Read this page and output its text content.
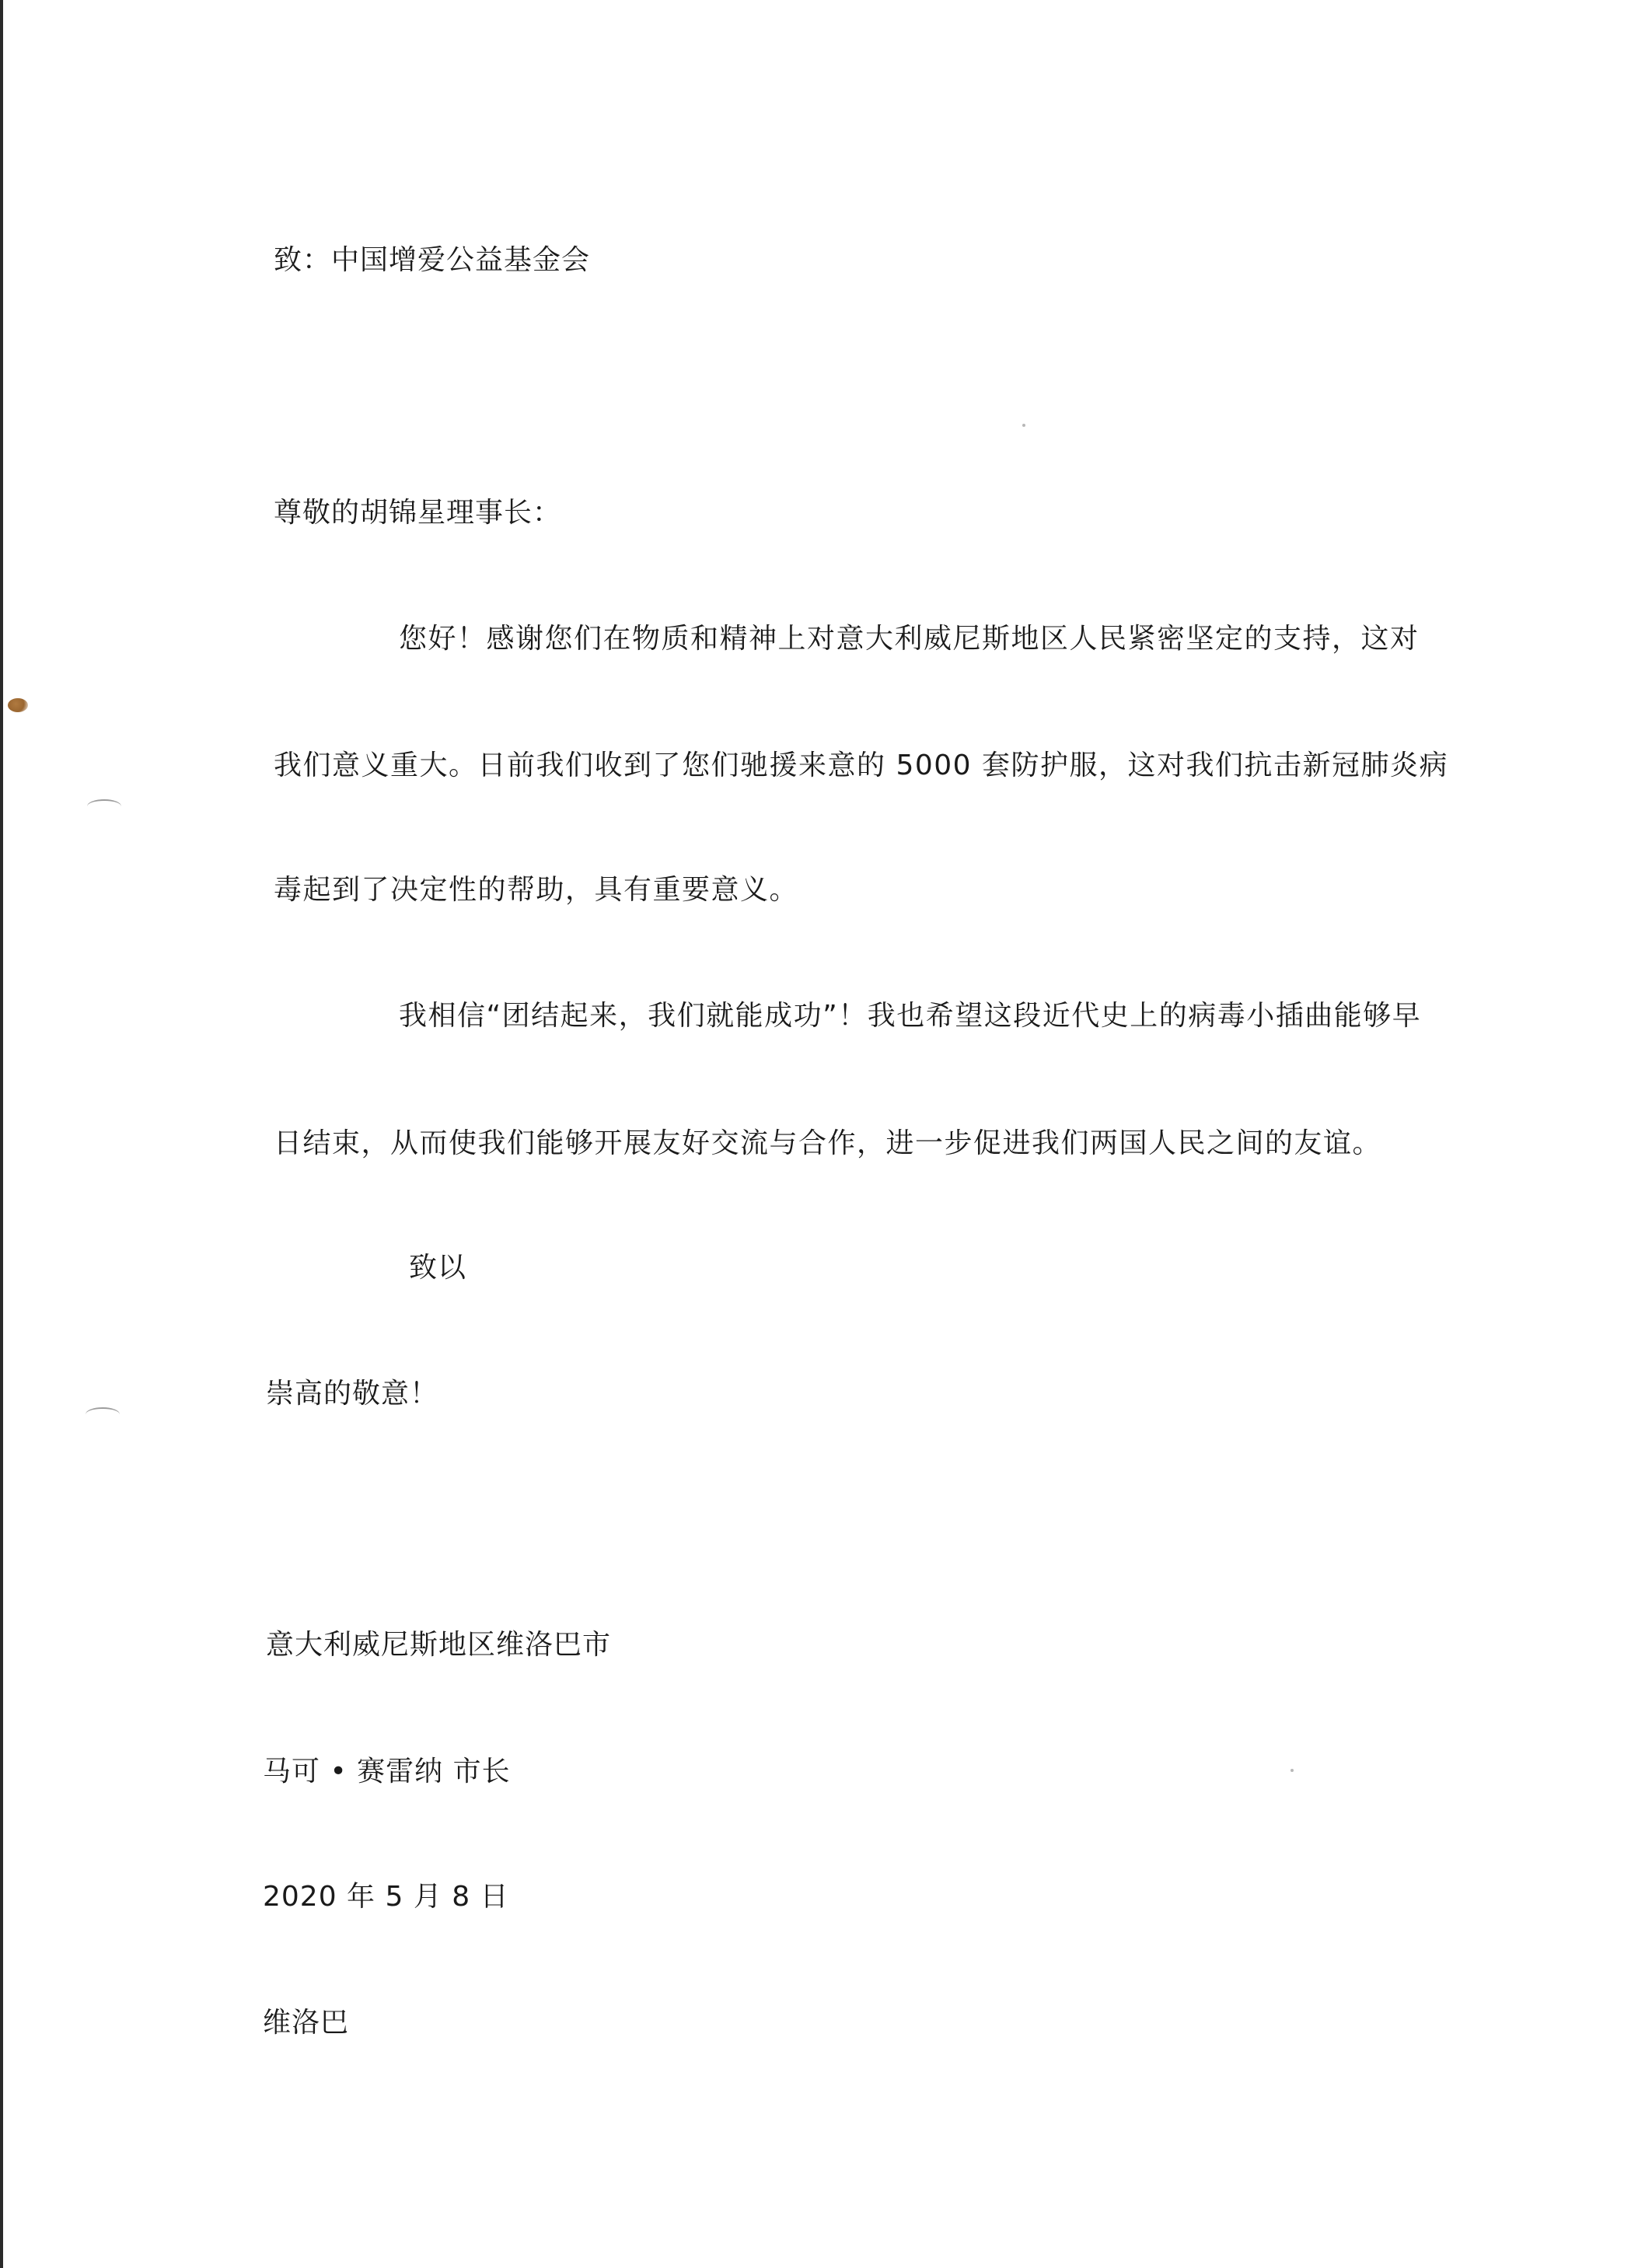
致：中国增爱公益基金会
尊敬的胡锦星理事长：
您好！感谢您们在物质和精神上对意大利威尼斯地区人民紧密坚定的支持，这对
我们意义重大。日前我们收到了您们驰援来意的 5000 套防护服，这对我们抗击新冠肺炎病
毒起到了决定性的帮助，具有重要意义。
我相信“团结起来，我们就能成功”！我也希望这段近代史上的病毒小插曲能够早
日结束，从而使我们能够开展友好交流与合作，进一步促进我们两国人民之间的友谊。
致以
崇高的敬意！
意大利威尼斯地区维洛巴市
马可 • 赛雷纳 市长
2020 年 5 月 8 日
维洛巴
